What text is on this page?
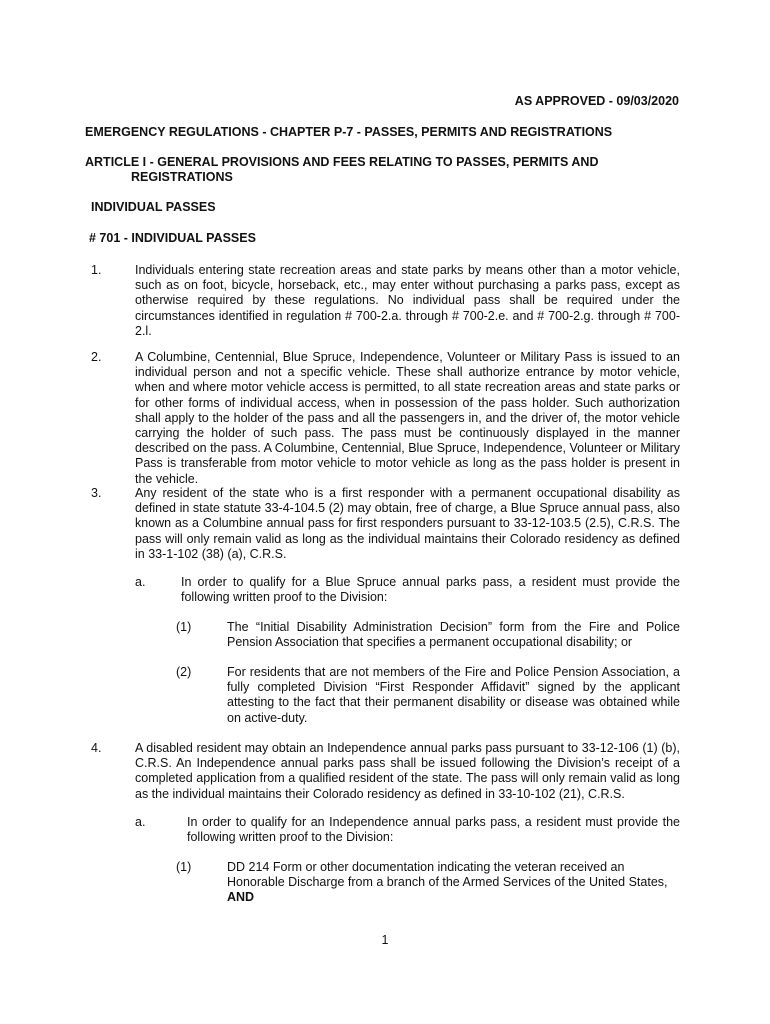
AS APPROVED - 09/03/2020
EMERGENCY REGULATIONS - CHAPTER P-7 - PASSES, PERMITS AND REGISTRATIONS
ARTICLE I - GENERAL PROVISIONS AND FEES RELATING TO PASSES, PERMITS AND REGISTRATIONS
INDIVIDUAL PASSES
# 701 - INDIVIDUAL PASSES
1.	Individuals entering state recreation areas and state parks by means other than a motor vehicle, such as on foot, bicycle, horseback, etc., may enter without purchasing a parks pass, except as otherwise required by these regulations. No individual pass shall be required under the circumstances identified in regulation # 700-2.a. through # 700-2.e. and # 700-2.g. through # 700-2.l.
2.	A Columbine, Centennial, Blue Spruce, Independence, Volunteer or Military Pass is issued to an individual person and not a specific vehicle. These shall authorize entrance by motor vehicle, when and where motor vehicle access is permitted, to all state recreation areas and state parks or for other forms of individual access, when in possession of the pass holder. Such authorization shall apply to the holder of the pass and all the passengers in, and the driver of, the motor vehicle carrying the holder of such pass. The pass must be continuously displayed in the manner described on the pass. A Columbine, Centennial, Blue Spruce, Independence, Volunteer or Military Pass is transferable from motor vehicle to motor vehicle as long as the pass holder is present in the vehicle.
3.	Any resident of the state who is a first responder with a permanent occupational disability as defined in state statute 33-4-104.5 (2) may obtain, free of charge, a Blue Spruce annual pass, also known as a Columbine annual pass for first responders pursuant to 33-12-103.5 (2.5), C.R.S. The pass will only remain valid as long as the individual maintains their Colorado residency as defined in 33-1-102 (38) (a), C.R.S.
a.	In order to qualify for a Blue Spruce annual parks pass, a resident must provide the following written proof to the Division:
(1)	The “Initial Disability Administration Decision” form from the Fire and Police Pension Association that specifies a permanent occupational disability; or
(2)	For residents that are not members of the Fire and Police Pension Association, a fully completed Division “First Responder Affidavit” signed by the applicant attesting to the fact that their permanent disability or disease was obtained while on active-duty.
4.	A disabled resident may obtain an Independence annual parks pass pursuant to 33-12-106 (1) (b), C.R.S. An Independence annual parks pass shall be issued following the Division’s receipt of a completed application from a qualified resident of the state. The pass will only remain valid as long as the individual maintains their Colorado residency as defined in 33-10-102 (21), C.R.S.
a.	In order to qualify for an Independence annual parks pass, a resident must provide the following written proof to the Division:
(1)	DD 214 Form or other documentation indicating the veteran received an Honorable Discharge from a branch of the Armed Services of the United States, AND
1
